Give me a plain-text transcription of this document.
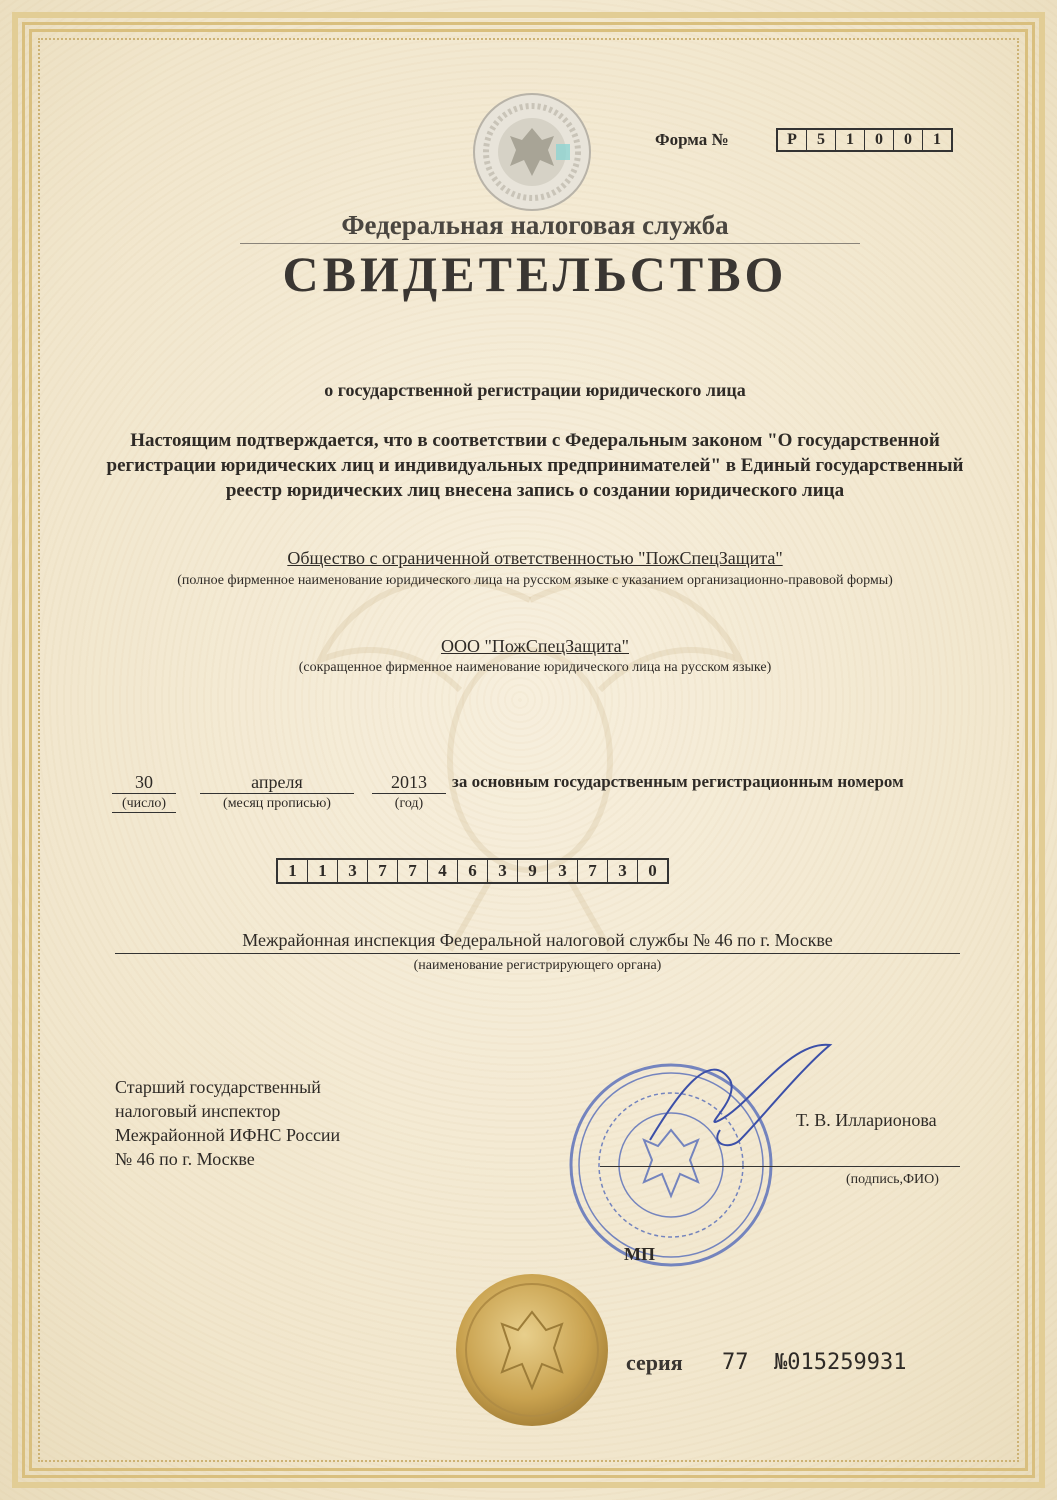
Форма №	Р	5	1	0	0	1
Федеральная налоговая служба
СВИДЕТЕЛЬСТВО
о государственной регистрации юридического лица
Настоящим подтверждается, что в соответствии с Федеральным законом "О государственной регистрации юридических лиц и индивидуальных предпринимателей" в Единый государственный реестр юридических лиц внесена запись о создании юридического лица
Общество с ограниченной ответственностью "ПожСпецЗащита"
(полное фирменное наименование юридического лица на русском языке с указанием организационно-правовой формы)
ООО "ПожСпецЗащита"
(сокращенное фирменное наименование юридического лица на русском языке)
30	апреля	2013	за основным государственным регистрационным номером
(число)	(месяц прописью)	(год)
1	1	3	7	7	4	6	3	9	3	7	3	0
Межрайонная инспекция Федеральной налоговой службы № 46 по г. Москве
(наименование регистрирующего органа)
Старший государственный
налоговый инспектор
Межрайонной ИФНС России
№ 46 по г. Москве
Т. В. Илларионова
(подпись,ФИО)
МП
серия 77 №015259931
